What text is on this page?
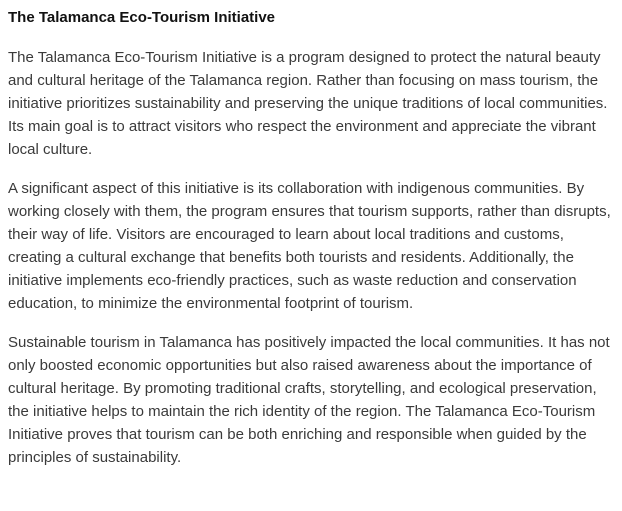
The Talamanca Eco-Tourism Initiative

The Talamanca Eco-Tourism Initiative is a program designed to protect the natural beauty and cultural heritage of the Talamanca region. Rather than focusing on mass tourism, the initiative prioritizes sustainability and preserving the unique traditions of local communities. Its main goal is to attract visitors who respect the environment and appreciate the vibrant local culture.

A significant aspect of this initiative is its collaboration with indigenous communities. By working closely with them, the program ensures that tourism supports, rather than disrupts, their way of life. Visitors are encouraged to learn about local traditions and customs, creating a cultural exchange that benefits both tourists and residents. Additionally, the initiative implements eco-friendly practices, such as waste reduction and conservation education, to minimize the environmental footprint of tourism.

Sustainable tourism in Talamanca has positively impacted the local communities. It has not only boosted economic opportunities but also raised awareness about the importance of cultural heritage. By promoting traditional crafts, storytelling, and ecological preservation, the initiative helps to maintain the rich identity of the region. The Talamanca Eco-Tourism Initiative proves that tourism can be both enriching and responsible when guided by the principles of sustainability.
